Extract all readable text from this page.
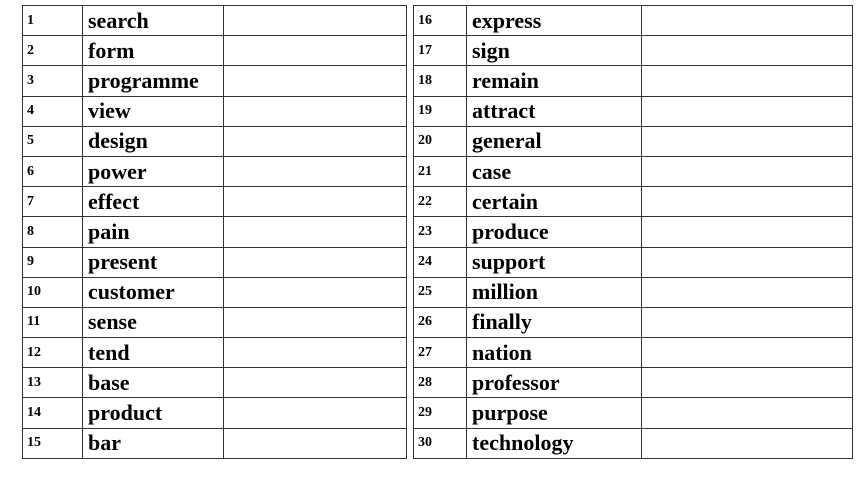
1	search	
2	form	
3	programme	
4	view	
5	design	
6	power	
7	effect	
8	pain	
9	present	
10	customer	
11	sense	
12	tend	
13	base	
14	product	
15	bar	
16	express	
17	sign	
18	remain	
19	attract	
20	general	
21	case	
22	certain	
23	produce	
24	support	
25	million	
26	finally	
27	nation	
28	professor	
29	purpose	
30	technology	
